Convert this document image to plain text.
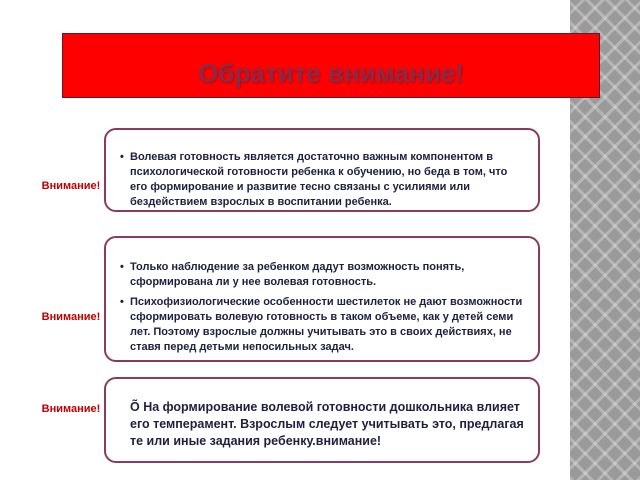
Обратите внимание!
Внимание!
• Волевая готовность является достаточно важным компонентом в психологической готовности ребенка к обучению, но беда в том, что его формирование и развитие тесно связаны с усилиями или бездействием взрослых в воспитании ребенка.
Внимание!
• Только наблюдение за ребенком дадут возможность понять, сформирована ли у нее волевая готовность.
• Психофизиологические особенности шестилеток не дают возможности сформировать волевую готовность в таком объеме, как у детей семи лет. Поэтому взрослые должны учитывать это в своих действиях, не ставя перед детьми непосильных задач.
Внимание!	Õ На формирование волевой готовности дошкольника влияет его темперамент. Взрослым следует учитывать это, предлагая те или иные задания ребенку.внимание!
